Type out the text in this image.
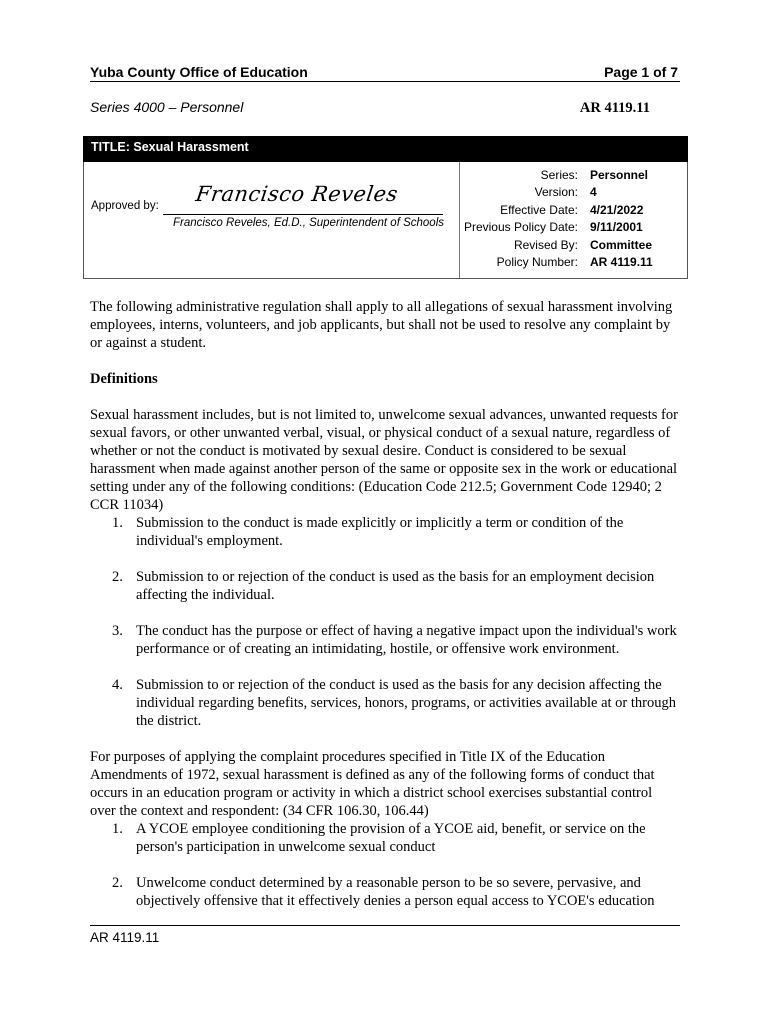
Yuba County Office of Education	Page 1 of 7
Series 4000 – Personnel	AR 4119.11
TITLE: Sexual Harassment
Approved by: Francisco Reveles
Francisco Reveles, Ed.D., Superintendent of Schools
Series:	Personnel
Version:	4
Effective Date:	4/21/2022
Previous Policy Date:	9/11/2001
Revised By:	Committee
Policy Number:	AR 4119.11

The following administrative regulation shall apply to all allegations of sexual harassment involving employees, interns, volunteers, and job applicants, but shall not be used to resolve any complaint by or against a student.

Definitions

Sexual harassment includes, but is not limited to, unwelcome sexual advances, unwanted requests for sexual favors, or other unwanted verbal, visual, or physical conduct of a sexual nature, regardless of whether or not the conduct is motivated by sexual desire. Conduct is considered to be sexual harassment when made against another person of the same or opposite sex in the work or educational setting under any of the following conditions: (Education Code 212.5; Government Code 12940; 2 CCR 11034)

1. Submission to the conduct is made explicitly or implicitly a term or condition of the individual's employment.
2. Submission to or rejection of the conduct is used as the basis for an employment decision affecting the individual.
3. The conduct has the purpose or effect of having a negative impact upon the individual's work performance or of creating an intimidating, hostile, or offensive work environment.
4. Submission to or rejection of the conduct is used as the basis for any decision affecting the individual regarding benefits, services, honors, programs, or activities available at or through the district.

For purposes of applying the complaint procedures specified in Title IX of the Education Amendments of 1972, sexual harassment is defined as any of the following forms of conduct that occurs in an education program or activity in which a district school exercises substantial control over the context and respondent: (34 CFR 106.30, 106.44)

1. A YCOE employee conditioning the provision of a YCOE aid, benefit, or service on the person's participation in unwelcome sexual conduct
2. Unwelcome conduct determined by a reasonable person to be so severe, pervasive, and objectively offensive that it effectively denies a person equal access to YCOE's education
AR 4119.11
